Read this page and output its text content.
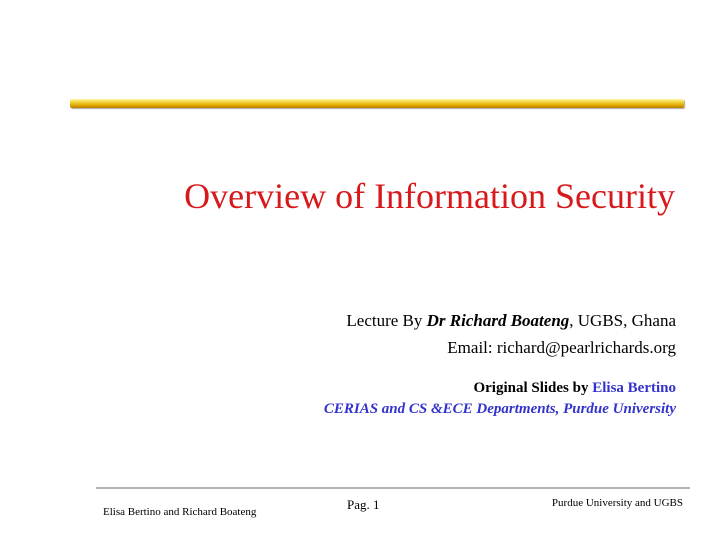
Overview of Information Security
Lecture By Dr Richard Boateng, UGBS, Ghana
Email: richard@pearlrichards.org
Original Slides by Elisa Bertino
CERIAS and CS &ECE Departments, Purdue University
Elisa Bertino and Richard Boateng	Pag. 1	Purdue University and UGBS
